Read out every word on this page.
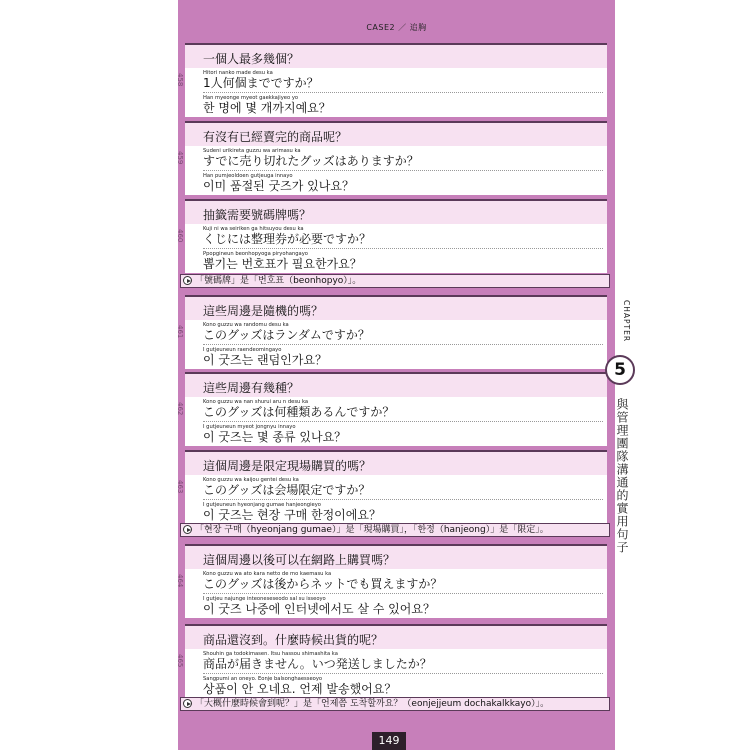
CASE2 ／ 追胸
一個人最多幾個？
Hitori nanko made desu ka
1人何個までですか？
Han myeonge myeot gaekkajiyeo yo
한 명에 몇 개까지예요？
有沒有已經賣完的商品呢？
Sudeni urikireta guzzu wa arimasu ka
すでに売り切れたグッズはありますか？
Han pumjeoldoen gutjeuga innayo
이미 품절된 굿즈가 있나요？
抽籤需要號碼牌嗎？
Kuji ni wa seiriken ga hitsuyou desu ka
くじには整理券が必要ですか？
Ppopgineun beonhopyoga piryohangayo
뽑기는 번호표가 필요한가요？
這些周邊是隨機的嗎？
Kono guzzu wa randomu desu ka
このグッズはランダムですか？
I gutjeuneun raendeomingayo
이 굿즈는 랜덤인가요？
這些周邊有幾種？
Kono guzzu wa nan shurui aru n desu ka
このグッズは何種類あるんですか？
I gutjeuneun myeot jongnyu innayo
이 굿즈는 몇 종류 있나요？
這個周邊是限定現場購買的嗎？
Kono guzzu wa kaijou gentei desu ka
このグッズは会場限定ですか？
I gutjeuneun hyeonjang gumae hanjeongieyo
이 굿즈는 현장 구매 한정이에요？
這個周邊以後可以在網路上購買嗎？
Kono guzzu wa ato kara netto de mo kaemasu ka
このグッズは後からネットでも買えますか？
I gutjeu najunge inteoneseseodo sal su isseoyo
이 굿즈 나중에 인터넷에서도 살 수 있어요？
商品還沒到。什麼時候出貨的呢？
Shouhin ga todokimasen. Itsu hassou shimashita ka
商品が届きません。いつ発送しましたか？
Sangpumi an oneyo. Eonje balsonghaesseoyo
상품이 안 오네요. 언제 발송했어요？
「號碼牌」是「번호표（beonhopyo）」。
「현장 구매（hyeonjang gumae）」是「現場購買」，「한정（hanjeong）」是「限定」。
「大概什麼時候會到呢？」是「언제쯤 도착할까요？（eonjejjeum dochakalkkayo）」。
CHAPTER
5
與管理團隊溝通的實用句子
149
458
459
460
461
462
463
464
465
